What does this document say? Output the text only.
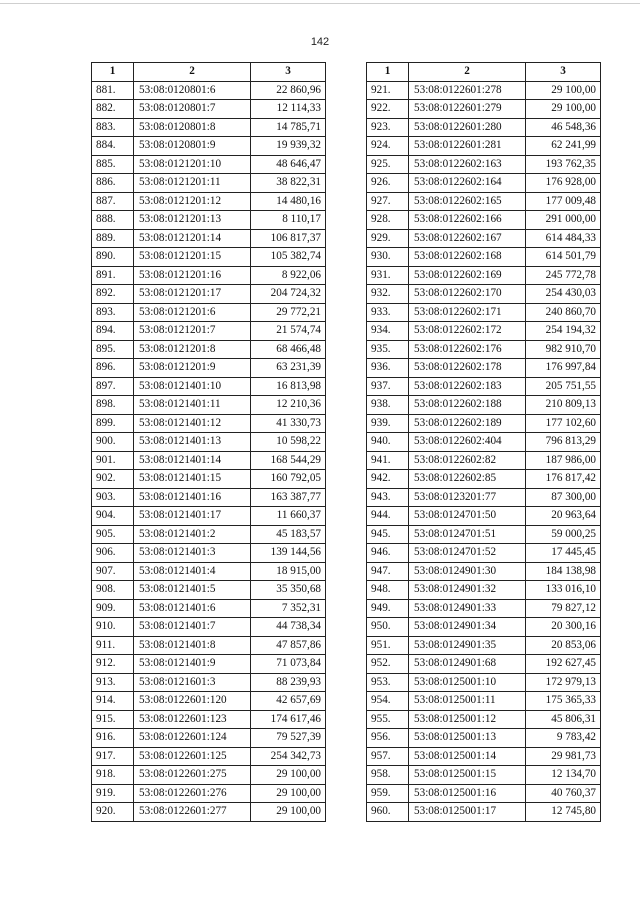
142
1	2	3
881.	53:08:0120801:6	22 860,96
882.	53:08:0120801:7	12 114,33
883.	53:08:0120801:8	14 785,71
884.	53:08:0120801:9	19 939,32
885.	53:08:0121201:10	48 646,47
886.	53:08:0121201:11	38 822,31
887.	53:08:0121201:12	14 480,16
888.	53:08:0121201:13	8 110,17
889.	53:08:0121201:14	106 817,37
890.	53:08:0121201:15	105 382,74
891.	53:08:0121201:16	8 922,06
892.	53:08:0121201:17	204 724,32
893.	53:08:0121201:6	29 772,21
894.	53:08:0121201:7	21 574,74
895.	53:08:0121201:8	68 466,48
896.	53:08:0121201:9	63 231,39
897.	53:08:0121401:10	16 813,98
898.	53:08:0121401:11	12 210,36
899.	53:08:0121401:12	41 330,73
900.	53:08:0121401:13	10 598,22
901.	53:08:0121401:14	168 544,29
902.	53:08:0121401:15	160 792,05
903.	53:08:0121401:16	163 387,77
904.	53:08:0121401:17	11 660,37
905.	53:08:0121401:2	45 183,57
906.	53:08:0121401:3	139 144,56
907.	53:08:0121401:4	18 915,00
908.	53:08:0121401:5	35 350,68
909.	53:08:0121401:6	7 352,31
910.	53:08:0121401:7	44 738,34
911.	53:08:0121401:8	47 857,86
912.	53:08:0121401:9	71 073,84
913.	53:08:0121601:3	88 239,93
914.	53:08:0122601:120	42 657,69
915.	53:08:0122601:123	174 617,46
916.	53:08:0122601:124	79 527,39
917.	53:08:0122601:125	254 342,73
918.	53:08:0122601:275	29 100,00
919.	53:08:0122601:276	29 100,00
920.	53:08:0122601:277	29 100,00
1	2	3
921.	53:08:0122601:278	29 100,00
922.	53:08:0122601:279	29 100,00
923.	53:08:0122601:280	46 548,36
924.	53:08:0122601:281	62 241,99
925.	53:08:0122602:163	193 762,35
926.	53:08:0122602:164	176 928,00
927.	53:08:0122602:165	177 009,48
928.	53:08:0122602:166	291 000,00
929.	53:08:0122602:167	614 484,33
930.	53:08:0122602:168	614 501,79
931.	53:08:0122602:169	245 772,78
932.	53:08:0122602:170	254 430,03
933.	53:08:0122602:171	240 860,70
934.	53:08:0122602:172	254 194,32
935.	53:08:0122602:176	982 910,70
936.	53:08:0122602:178	176 997,84
937.	53:08:0122602:183	205 751,55
938.	53:08:0122602:188	210 809,13
939.	53:08:0122602:189	177 102,60
940.	53:08:0122602:404	796 813,29
941.	53:08:0122602:82	187 986,00
942.	53:08:0122602:85	176 817,42
943.	53:08:0123201:77	87 300,00
944.	53:08:0124701:50	20 963,64
945.	53:08:0124701:51	59 000,25
946.	53:08:0124701:52	17 445,45
947.	53:08:0124901:30	184 138,98
948.	53:08:0124901:32	133 016,10
949.	53:08:0124901:33	79 827,12
950.	53:08:0124901:34	20 300,16
951.	53:08:0124901:35	20 853,06
952.	53:08:0124901:68	192 627,45
953.	53:08:0125001:10	172 979,13
954.	53:08:0125001:11	175 365,33
955.	53:08:0125001:12	45 806,31
956.	53:08:0125001:13	9 783,42
957.	53:08:0125001:14	29 981,73
958.	53:08:0125001:15	12 134,70
959.	53:08:0125001:16	40 760,37
960.	53:08:0125001:17	12 745,80
